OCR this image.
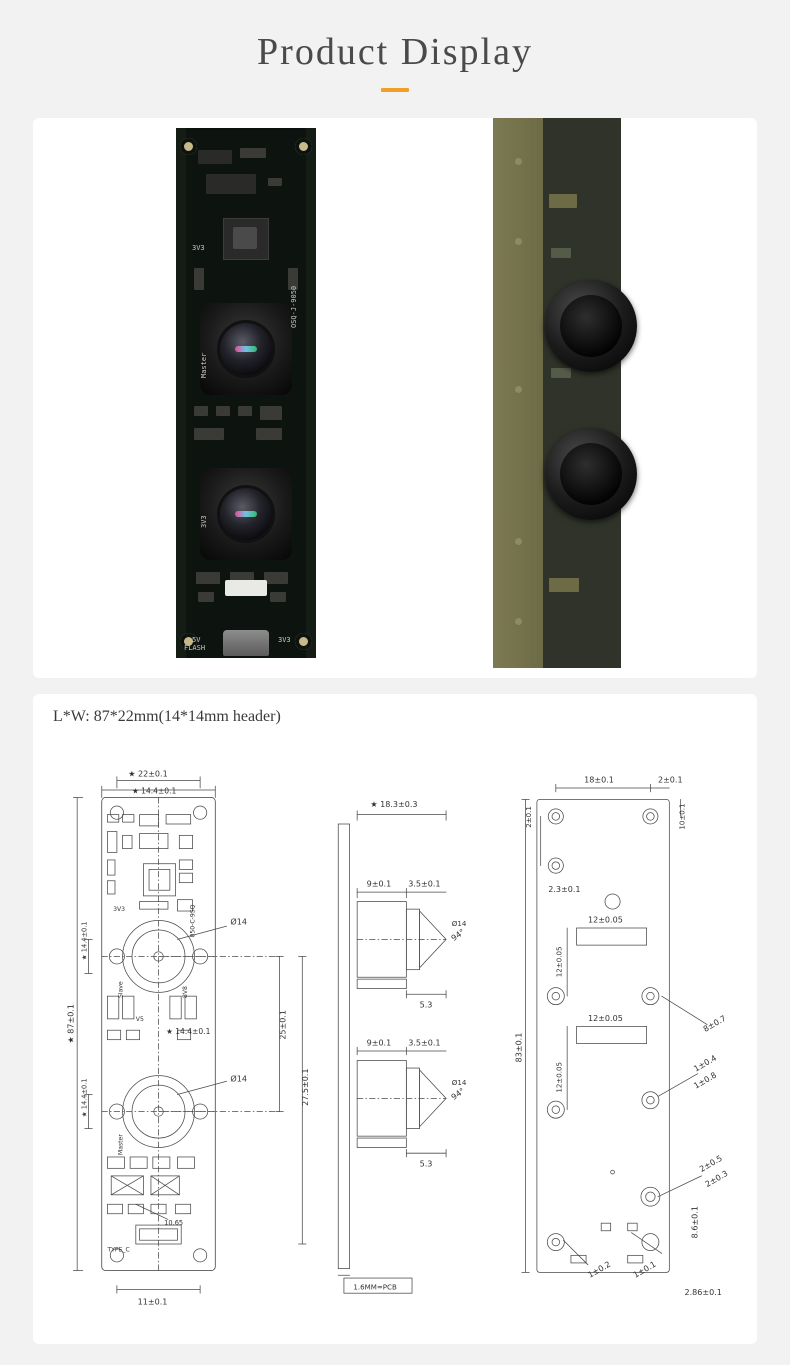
Product Display
Master
3V3
OSQ-J-9050
3V3
5V	3V3
FLASH
L*W: 87*22mm(14*14mm header)
★ 22±0.1
★ 14.4±0.1
★ 87±0.1
★ 14.4±0.1
★ 14.4±0.1
★ 14.4±0.1
Ø14
Ø14
25±0.1
27.5±0.1
11±0.1
10.65
3V3
Slave
Master
8V8
V5
TYPE_C
050-C-9SQ
★ 18.3±0.3
9±0.1 3.5±0.1
5.3
9±0.1 3.5±0.1
5.3
94°
94°
Ø14
Ø14
1.6MM=PCB
18±0.1	2±0.1
2±0.1	10±0.1
2.3±0.1
12±0.05
12±0.05
12±0.05
12±0.05
83±0.1
8±0.7
1±0.4
1±0.8
2±0.5
2±0.3
8.6±0.1
1±0.2 1±0.1
2.86±0.1
